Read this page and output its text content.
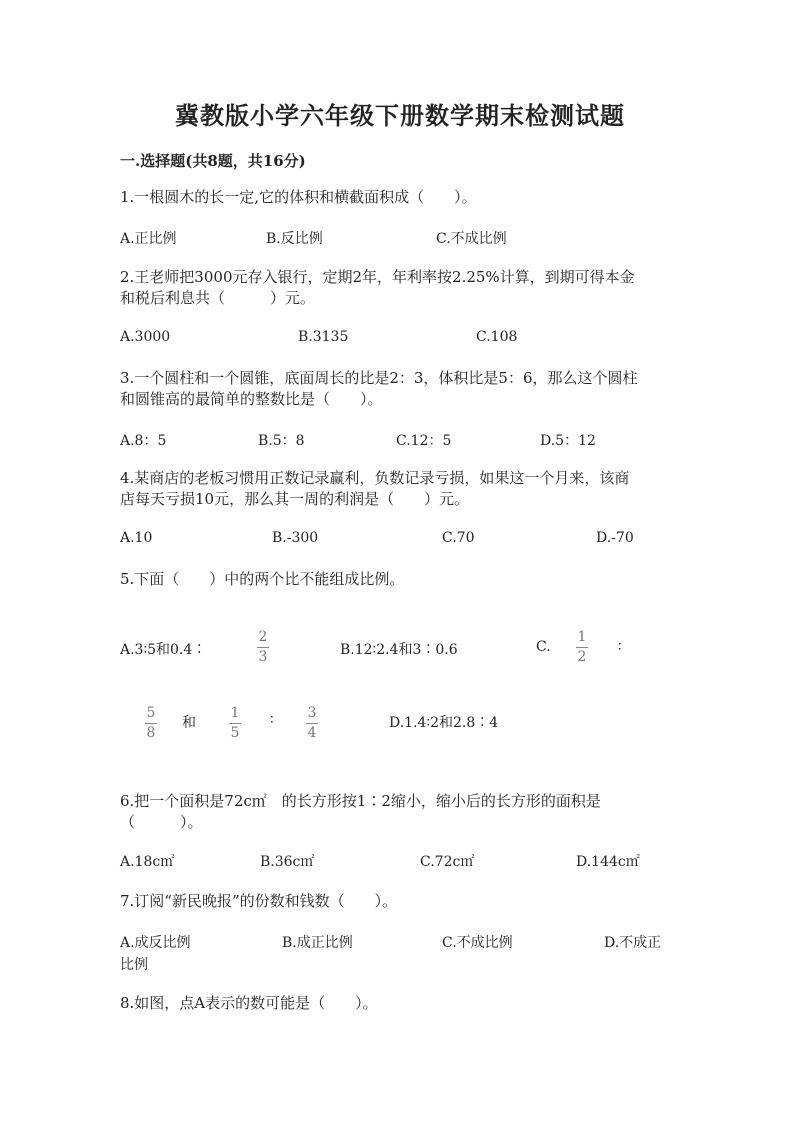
冀教版小学六年级下册数学期末检测试题
一.选择题(共8题，共16分)
1.一根圆木的长一定,它的体积和横截面积成（　　）。
A.正比例	B.反比例	C.不成比例
2.王老师把3000元存入银行，定期2年，年利率按2.25%计算，到期可得本金
和税后利息共（　　　）元。
A.3000	B.3135	C.108
3.一个圆柱和一个圆锥，底面周长的比是2：3，体积比是5：6，那么这个圆柱
和圆锥高的最简单的整数比是（　　）。
A.8：5	B.5：8	C.12：5	D.5：12
4.某商店的老板习惯用正数记录赢利，负数记录亏损，如果这一个月来，该商
店每天亏损10元，那么其一周的利润是（　　）元。
A.10	B.-300	C.70	D.-70
5.下面（　　）中的两个比不能组成比例。
A.3∶5和0.4∶
2
3	B.12∶2.4和3∶0.6	C.
1
2
∶
5
8
和
1
5
∶ 3
4
D.1.4∶2和2.8∶4
6.把一个面积是72c㎡　的长方形按1∶2缩小，缩小后的长方形的面积是
（　　　）。
A.18c㎡	B.36c㎡	C.72c㎡	D.144c㎡
7.订阅“新民晚报”的份数和钱数（　　）。
A.成反比例	B.成正比例	C.不成比例	D.不成正
比例
8.如图，点A表示的数可能是（　　）。
